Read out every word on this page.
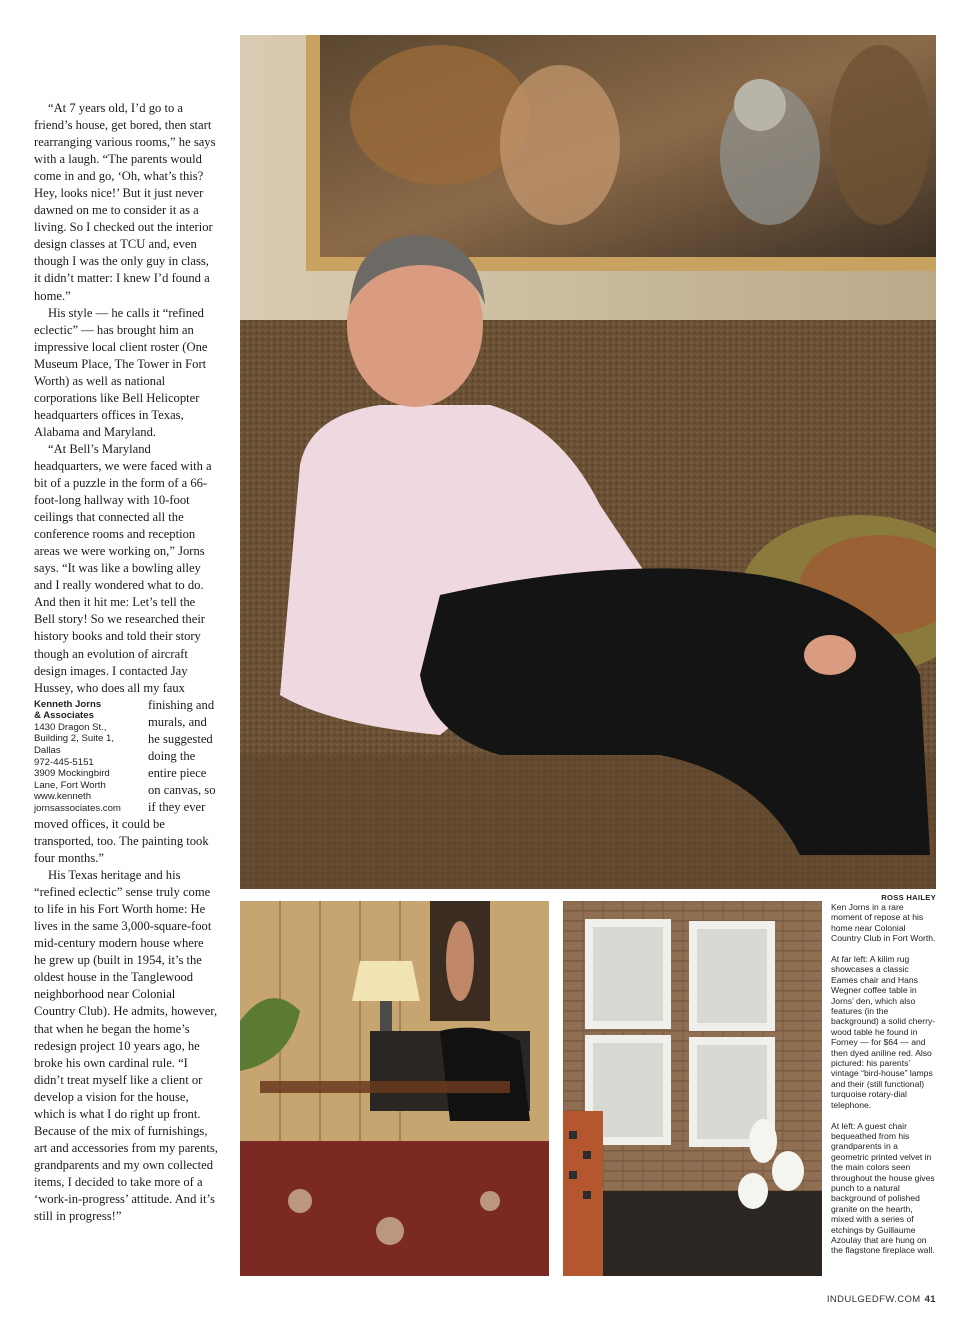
“At 7 years old, I’d go to a friend’s house, get bored, then start rearranging various rooms,” he says with a laugh. “The parents would come in and go, ‘Oh, what’s this? Hey, looks nice!’ But it just never dawned on me to consider it as a living. So I checked out the interior design classes at TCU and, even though I was the only guy in class, it didn’t matter: I knew I’d found a home.”

His style — he calls it “refined eclectic” — has brought him an impressive local client roster (One Museum Place, The Tower in Fort Worth) as well as national corporations like Bell Helicopter headquarters offices in Texas, Alabama and Maryland.

“At Bell’s Maryland headquarters, we were faced with a bit of a puzzle in the form of a 66-foot-long hallway with 10-foot ceilings that connected all the conference rooms and reception areas we were working on,” Jorns says. “It was like a bowling alley and I really wondered what to do. And then it hit me: Let’s tell the Bell story! So we researched their history books and told their story though an evolution of aircraft design images. I contacted Jay Hussey, who does all my faux

Kenneth Jorns
& Associates
1430 Dragon St.,
Building 2, Suite 1,
Dallas
972-445-5151
3909 Mockingbird
Lane, Fort Worth
www.kenneth
jornsassociates.com

finishing and murals, and he suggested doing the entire piece on canvas, so if they ever moved offices, it could be transported, too. The painting took four months.”

His Texas heritage and his “refined eclectic” sense truly come to life in his Fort Worth home: He lives in the same 3,000-square-foot mid-century modern house where he grew up (built in 1954, it’s the oldest house in the Tanglewood neighborhood near Colonial Country Club). He admits, however, that when he began the home’s redesign project 10 years ago, he broke his own cardinal rule. “I didn’t treat myself like a client or develop a vision for the house, which is what I do right up front. Because of the mix of furnishings, art and accessories from my parents, grandparents and my own collected items, I decided to take more of a ‘work-in-progress’ attitude. And it’s still in progress!”

ROSS HAILEY

Ken Jorns in a rare moment of repose at his home near Colonial Country Club in Fort Worth.

At far left: A kilim rug showcases a classic Eames chair and Hans Wegner coffee table in Jorns’ den, which also features (in the background) a solid cherry-wood table he found in Forney — for $64 — and then dyed aniline red. Also pictured: his parents’ vintage “bird-house” lamps and their (still functional) turquoise rotary-dial telephone.

At left: A guest chair bequeathed from his grandparents in a geometric printed velvet in the main colors seen throughout the house gives punch to a natural background of polished granite on the hearth, mixed with a series of etchings by Guillaume Azoulay that are hung on the flagstone fireplace wall.

INDULGEDFW.COM 41
